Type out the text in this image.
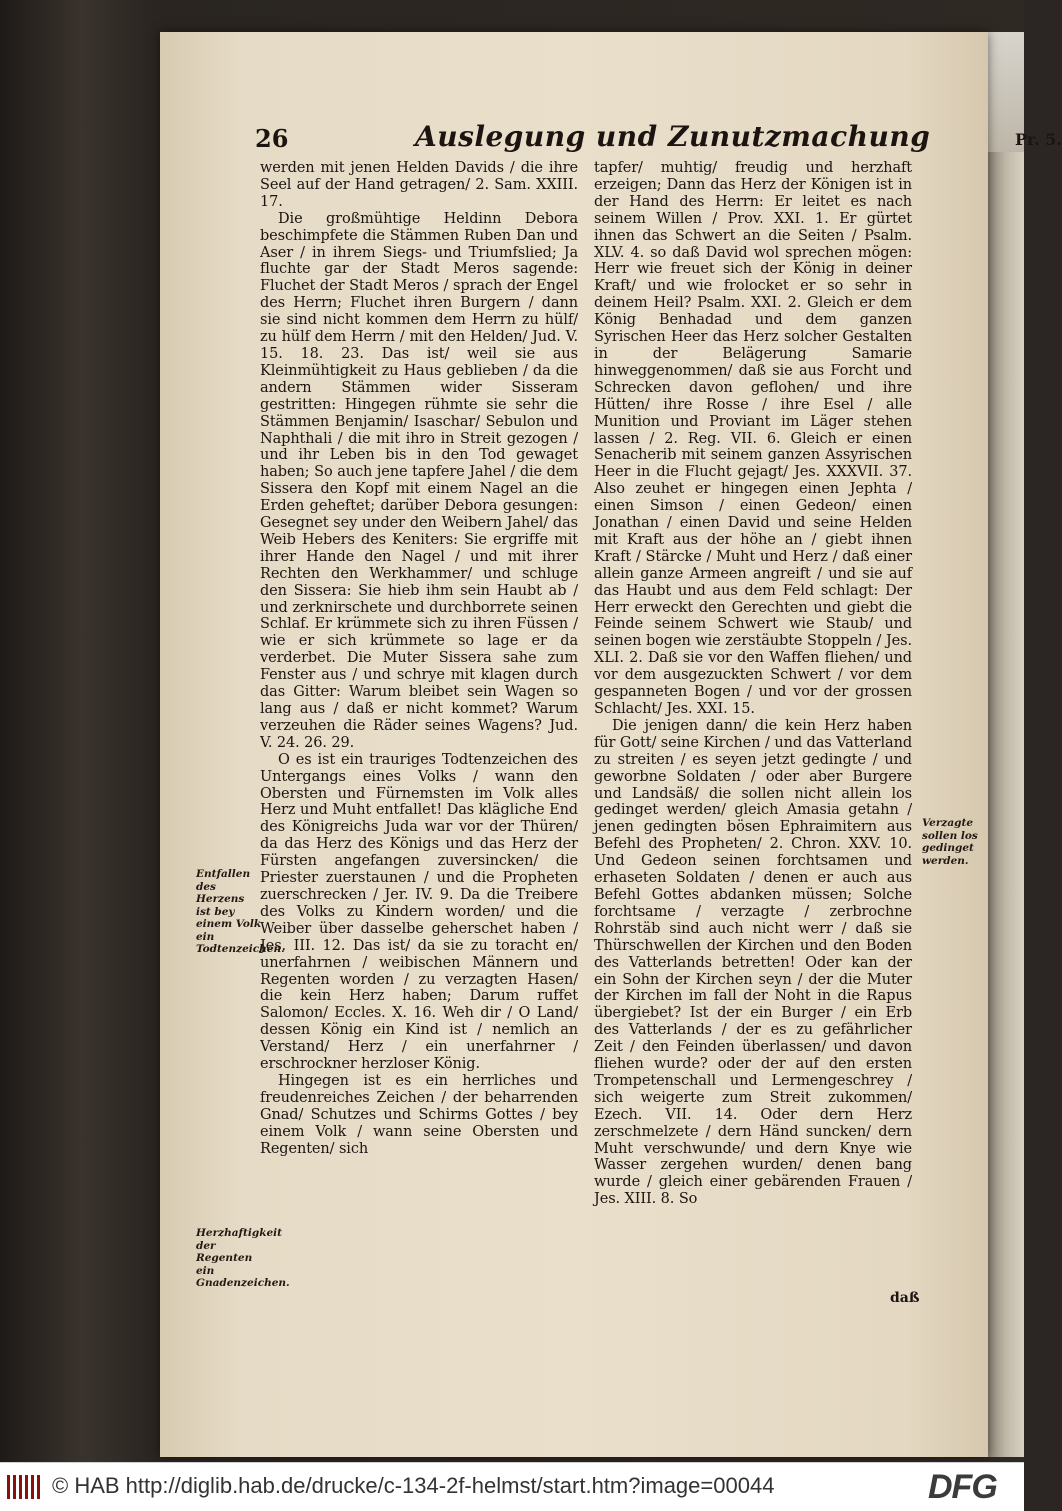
26	Auslegung und Zunutzmachung	Pr. 5.

werden mit jenen Helden Davids / die ihre Seel auf der Hand getragen/ 2. Sam. XXIII. 17.

Die großmühtige Heldinn Debora beschimpfete die Stämmen Ruben Dan und Aser / in ihrem Siegs- und Triumfslied; Ja fluchte gar der Stadt Meros sagende: Fluchet der Stadt Meros / sprach der Engel des Herrn; Fluchet ihren Burgern / dann sie sind nicht kommen dem Herrn zu hülf/ zu hülf dem Herrn / mit den Helden/ Jud. V. 15. 18. 23. Das ist/ weil sie aus Kleinmühtigkeit zu Haus geblieben / da die andern Stämmen wider Sisseram gestritten: Hingegen rühmte sie sehr die Stämmen Benjamin/ Isaschar/ Sebulon und Naphthali / die mit ihro in Streit gezogen / und ihr Leben bis in den Tod gewaget haben; So auch jene tapfere Jahel / die dem Sissera den Kopf mit einem Nagel an die Erden geheftet; darüber Debora gesungen: Gesegnet sey under den Weibern Jahel/ das Weib Hebers des Keniters: Sie ergriffe mit ihrer Hande den Nagel / und mit ihrer Rechten den Werkhammer/ und schluge den Sissera: Sie hieb ihm sein Haubt ab / und zerknirschete und durchborrete seinen Schlaf. Er krümmete sich zu ihren Füssen / wie er sich krümmete so lage er da verderbet. Die Muter Sissera sahe zum Fenster aus / und schrye mit klagen durch das Gitter: Warum bleibet sein Wagen so lang aus / daß er nicht kommet? Warum verzeuhen die Räder seines Wagens? Jud. V. 24. 26. 29.

O es ist ein trauriges Todtenzeichen des Untergangs eines Volks / wann den Obersten und Fürnemsten im Volk alles Herz und Muht entfallet! Das klägliche End des Königreichs Juda war vor der Thüren/ da das Herz des Königs und das Herz der Fürsten angefangen zuversincken/ die Priester zuerstaunen / und die Propheten zuerschrecken / Jer. IV. 9. Da die Treibere des Volks zu Kindern worden/ und die Weiber über dasselbe geherschet haben / Jes. III. 12. Das ist/ da sie zu toracht en/ unerfahrnen / weibischen Männern und Regenten worden / zu verzagten Hasen/ die kein Herz haben; Darum ruffet Salomon/ Eccles. X. 16. Weh dir / O Land/ dessen König ein Kind ist / nemlich an Verstand/ Herz / ein unerfahrner / erschrockner herzloser König.

Hingegen ist es ein herrliches und freudenreiches Zeichen / der beharrenden Gnad/ Schutzes und Schirms Gottes / bey einem Volk / wann seine Obersten und Regenten/ sich

tapfer/ muhtig/ freudig und herzhaft erzeigen; Dann das Herz der Königen ist in der Hand des Herrn: Er leitet es nach seinem Willen / Prov. XXI. 1. Er gürtet ihnen das Schwert an die Seiten / Psalm. XLV. 4. so daß David wol sprechen mögen: Herr wie freuet sich der König in deiner Kraft/ und wie frolocket er so sehr in deinem Heil? Psalm. XXI. 2. Gleich er dem König Benhadad und dem ganzen Syrischen Heer das Herz solcher Gestalten in der Belägerung Samarie hinweggenommen/ daß sie aus Forcht und Schrecken davon geflohen/ und ihre Hütten/ ihre Rosse / ihre Esel / alle Munition und Proviant im Läger stehen lassen / 2. Reg. VII. 6. Gleich er einen Senacherib mit seinem ganzen Assyrischen Heer in die Flucht gejagt/ Jes. XXXVII. 37. Also zeuhet er hingegen einen Jephta / einen Simson / einen Gedeon/ einen Jonathan / einen David und seine Helden mit Kraft aus der höhe an / giebt ihnen Kraft / Stärcke / Muht und Herz / daß einer allein ganze Armeen angreift / und sie auf das Haubt und aus dem Feld schlagt: Der Herr erweckt den Gerechten und giebt die Feinde seinem Schwert wie Staub/ und seinen bogen wie zerstäubte Stoppeln / Jes. XLI. 2. Daß sie vor den Waffen fliehen/ und vor dem ausgezuckten Schwert / vor dem gespanneten Bogen / und vor der grossen Schlacht/ Jes. XXI. 15.

Die jenigen dann/ die kein Herz haben für Gott/ seine Kirchen / und das Vatterland zu streiten / es seyen jetzt gedingte / und geworbne Soldaten / oder aber Burgere und Landsäß/ die sollen nicht allein los gedinget werden/ gleich Amasia getahn / jenen gedingten bösen Ephraimitern aus Befehl des Propheten/ 2. Chron. XXV. 10. Und Gedeon seinen forchtsamen und erhaseten Soldaten / denen er auch aus Befehl Gottes abdanken müssen; Solche forchtsame / verzagte / zerbrochne Rohrstäb sind auch nicht werr / daß sie Thürschwellen der Kirchen und den Boden des Vatterlands betretten! Oder kan der ein Sohn der Kirchen seyn / der die Muter der Kirchen im fall der Noht in die Rapus übergiebet? Ist der ein Burger / ein Erb des Vatterlands / der es zu gefährlicher Zeit / den Feinden überlassen/ und davon fliehen wurde? oder der auf den ersten Trompetenschall und Lermengeschrey / sich weigerte zum Streit zukommen/ Ezech. VII. 14. Oder dern Herz zerschmelzete / dern Händ suncken/ dern Muht verschwunde/ und dern Knye wie Wasser zergehen wurden/ denen bang wurde / gleich einer gebärenden Frauen / Jes. XIII. 8. So

Entfallen des Herzens ist bey einem Volk ein Todtenzeichen.
Herzhaftigkeit der Regenten ein Gnadenzeichen.
Verzagte sollen los gedinget werden.
daß
© HAB http://diglib.hab.de/drucke/c-134-2f-helmst/start.htm?image=00044	DFG
